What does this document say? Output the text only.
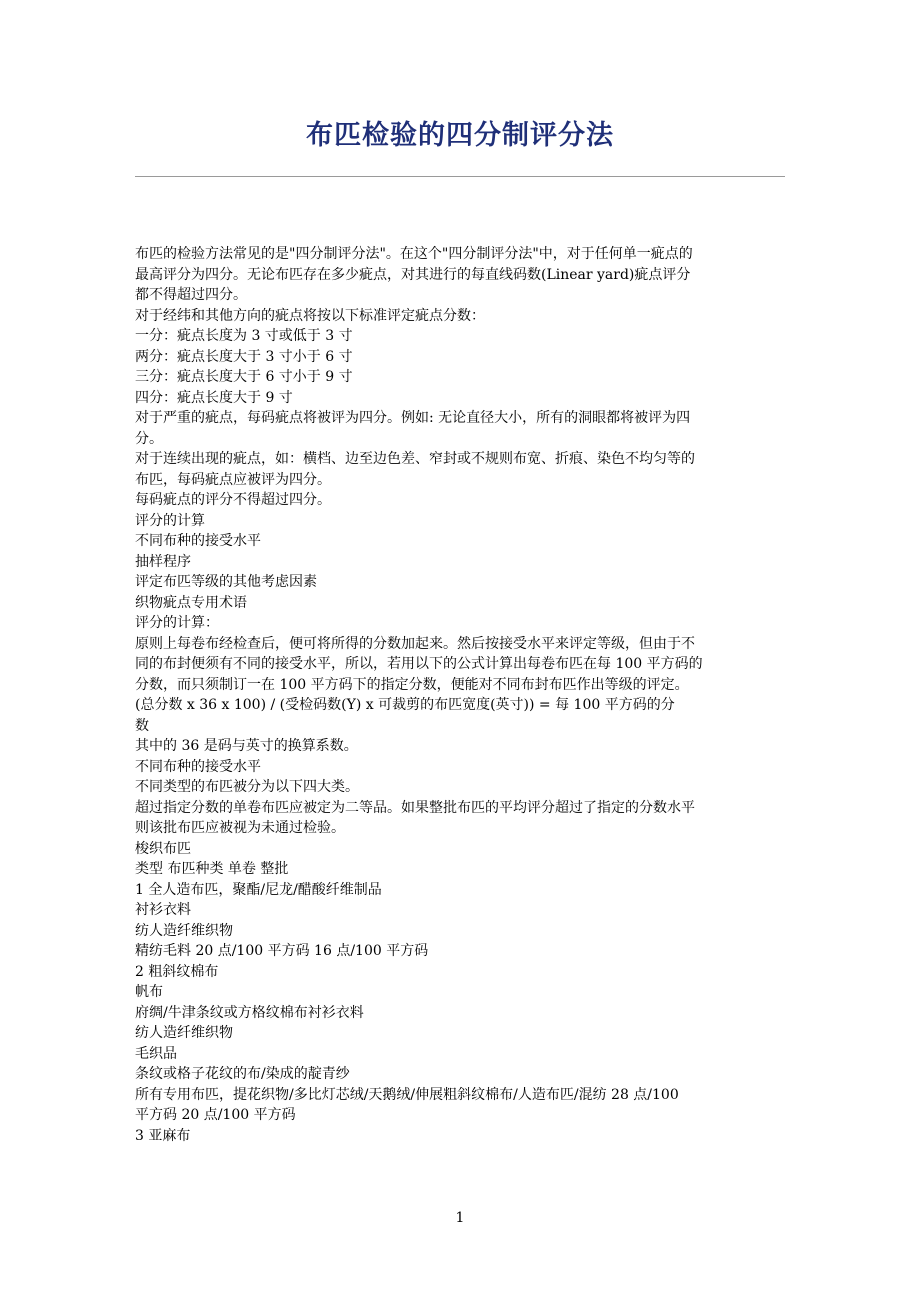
布匹检验的四分制评分法
布匹的检验方法常见的是"四分制评分法"。在这个"四分制评分法"中，对于任何单一疵点的
最高评分为四分。无论布匹存在多少疵点，对其进行的每直线码数(Linear yard)疵点评分
都不得超过四分。
对于经纬和其他方向的疵点将按以下标准评定疵点分数：
一分：疵点长度为 3 寸或低于 3 寸
两分：疵点长度大于 3 寸小于 6 寸
三分：疵点长度大于 6 寸小于 9 寸
四分：疵点长度大于 9 寸
对于严重的疵点，每码疵点将被评为四分。例如: 无论直径大小，所有的洞眼都将被评为四
分。
对于连续出现的疵点，如：横档、边至边色差、窄封或不规则布宽、折痕、染色不均匀等的
布匹，每码疵点应被评为四分。
每码疵点的评分不得超过四分。
评分的计算
不同布种的接受水平
抽样程序
评定布匹等级的其他考虑因素
织物疵点专用术语
评分的计算：
原则上每卷布经检查后，便可将所得的分数加起来。然后按接受水平来评定等级，但由于不
同的布封便须有不同的接受水平，所以，若用以下的公式计算出每卷布匹在每 100 平方码的
分数，而只须制订一在 100 平方码下的指定分数，便能对不同布封布匹作出等级的评定。
(总分数 x 36 x 100) / (受检码数(Y) x 可裁剪的布匹宽度(英寸)) = 每 100 平方码的分
数
其中的 36 是码与英寸的换算系数。
不同布种的接受水平
不同类型的布匹被分为以下四大类。
超过指定分数的单卷布匹应被定为二等品。如果整批布匹的平均评分超过了指定的分数水平
则该批布匹应被视为未通过检验。
梭织布匹
类型 布匹种类 单卷 整批
1 全人造布匹，聚酯/尼龙/醋酸纤维制品
衬衫衣料
纺人造纤维织物
精纺毛料 20 点/100 平方码 16 点/100 平方码
2 粗斜纹棉布
帆布
府绸/牛津条纹或方格纹棉布衬衫衣料
纺人造纤维织物
毛织品
条纹或格子花纹的布/染成的靛青纱
所有专用布匹，提花织物/多比灯芯绒/天鹅绒/伸展粗斜纹棉布/人造布匹/混纺 28 点/100
平方码 20 点/100 平方码
3 亚麻布
1
